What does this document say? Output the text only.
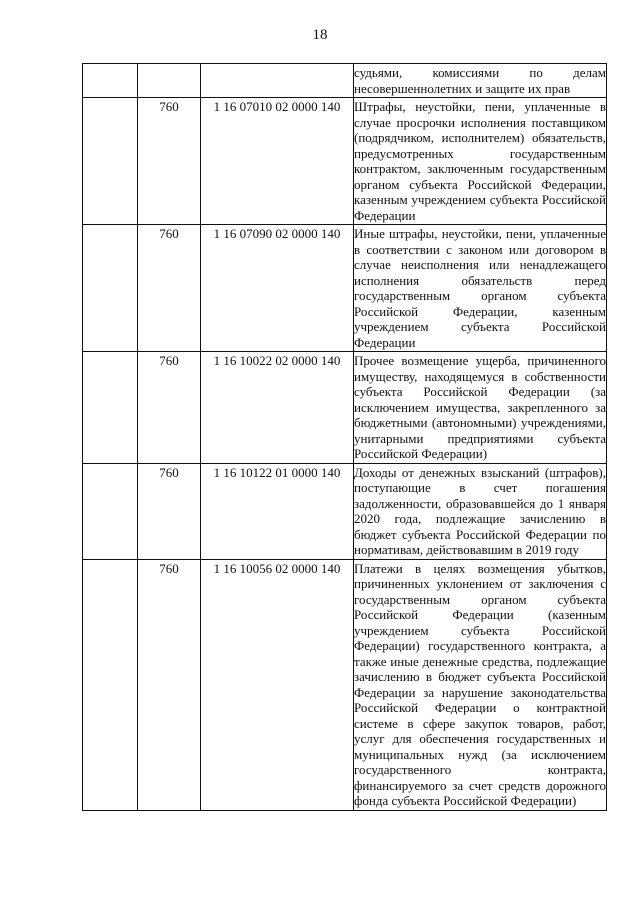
18
			судьями, комиссиями по делам несовершеннолетних и защите их прав
	760	1 16 07010 02 0000 140	Штрафы, неустойки, пени, уплаченные в случае просрочки исполнения поставщиком (подрядчиком, исполнителем) обязательств, предусмотренных государственным контрактом, заключенным государственным органом субъекта Российской Федерации, казенным учреждением субъекта Российской Федерации
	760	1 16 07090 02 0000 140	Иные штрафы, неустойки, пени, уплаченные в соответствии с законом или договором в случае неисполнения или ненадлежащего исполнения обязательств перед государственным органом субъекта Российской Федерации, казенным учреждением субъекта Российской Федерации
	760	1 16 10022 02 0000 140	Прочее возмещение ущерба, причиненного имуществу, находящемуся в собственности субъекта Российской Федерации (за исключением имущества, закрепленного за бюджетными (автономными) учреждениями, унитарными предприятиями субъекта Российской Федерации)
	760	1 16 10122 01 0000 140	Доходы от денежных взысканий (штрафов), поступающие в счет погашения задолженности, образовавшейся до 1 января 2020 года, подлежащие зачислению в бюджет субъекта Российской Федерации по нормативам, действовавшим в 2019 году
	760	1 16 10056 02 0000 140	Платежи в целях возмещения убытков, причиненных уклонением от заключения с государственным органом субъекта Российской Федерации (казенным учреждением субъекта Российской Федерации) государственного контракта, а также иные денежные средства, подлежащие зачислению в бюджет субъекта Российской Федерации за нарушение законодательства Российской Федерации о контрактной системе в сфере закупок товаров, работ, услуг для обеспечения государственных и муниципальных нужд (за исключением государственного контракта, финансируемого за счет средств дорожного фонда субъекта Российской Федерации)
